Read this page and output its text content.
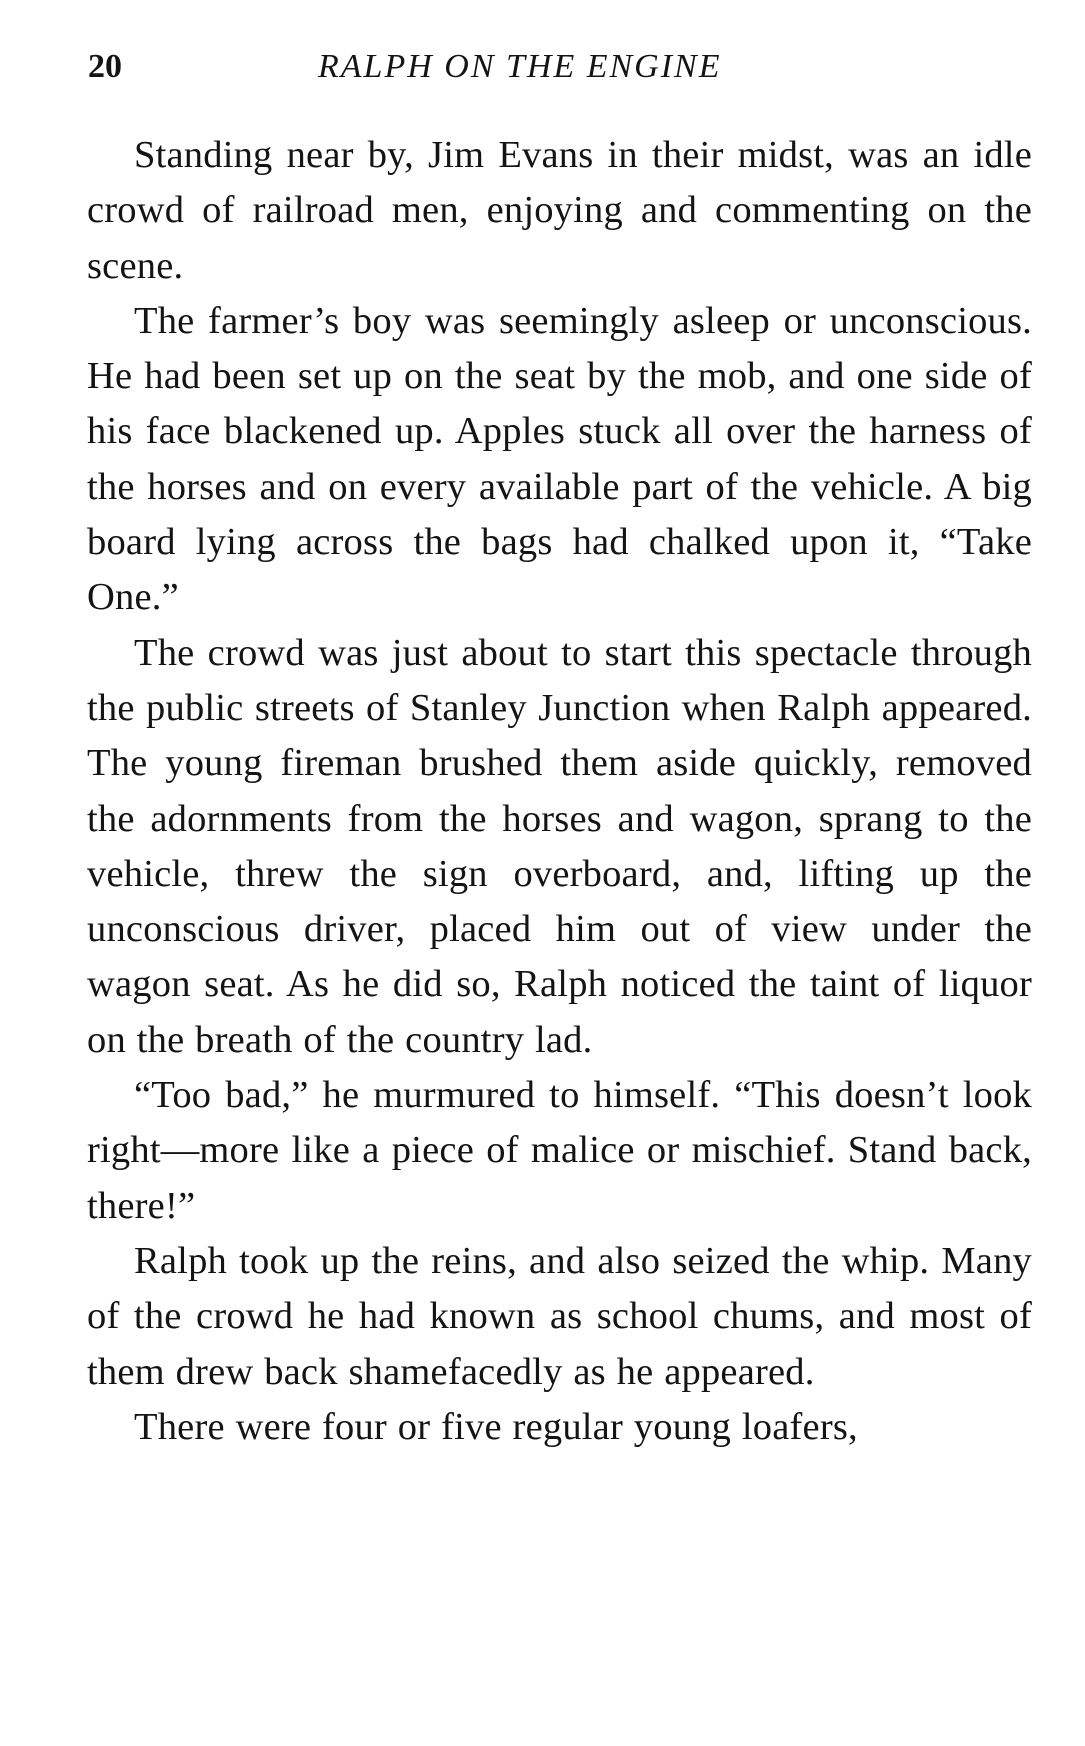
20	RALPH ON THE ENGINE

Standing near by, Jim Evans in their midst, was an idle crowd of railroad men, enjoying and commenting on the scene.

The farmer’s boy was seemingly asleep or unconscious. He had been set up on the seat by the mob, and one side of his face blackened up. Apples stuck all over the harness of the horses and on every available part of the vehicle. A big board lying across the bags had chalked upon it, “Take One.”

The crowd was just about to start this spectacle through the public streets of Stanley Junction when Ralph appeared. The young fireman brushed them aside quickly, removed the adornments from the horses and wagon, sprang to the vehicle, threw the sign overboard, and, lifting up the unconscious driver, placed him out of view under the wagon seat. As he did so, Ralph noticed the taint of liquor on the breath of the country lad.

“Too bad,” he murmured to himself. “This doesn’t look right—more like a piece of malice or mischief. Stand back, there!”

Ralph took up the reins, and also seized the whip. Many of the crowd he had known as school chums, and most of them drew back shamefacedly as he appeared.

There were four or five regular young loafers,
